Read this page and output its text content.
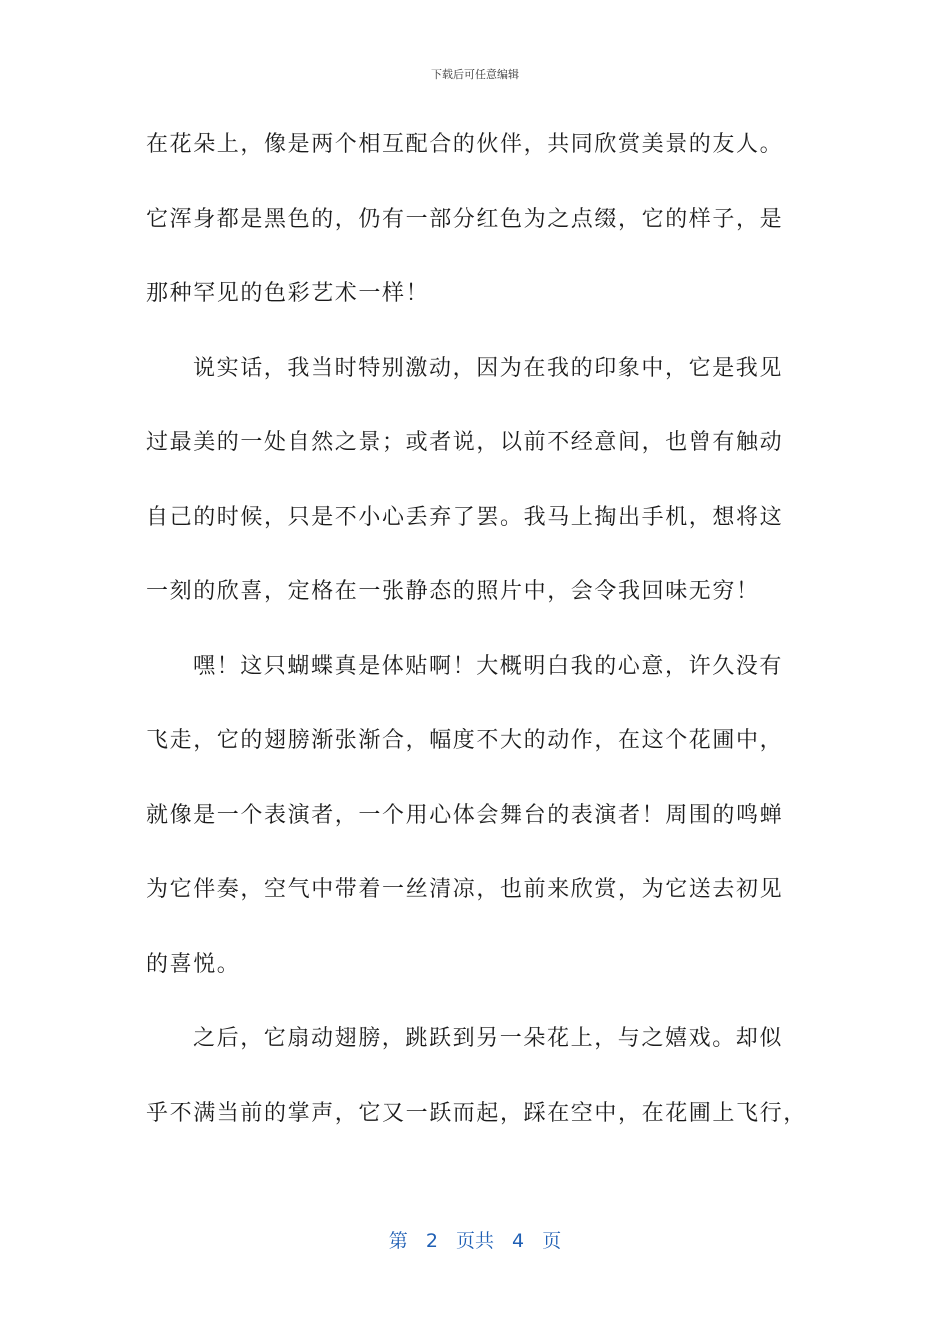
下载后可任意编辑
在花朵上，像是两个相互配合的伙伴，共同欣赏美景的友人。
它浑身都是黑色的，仍有一部分红色为之点缀，它的样子，是
那种罕见的色彩艺术一样！
说实话，我当时特别激动，因为在我的印象中，它是我见
过最美的一处自然之景；或者说，以前不经意间，也曾有触动
自己的时候，只是不小心丢弃了罢。我马上掏出手机，想将这
一刻的欣喜，定格在一张静态的照片中，会令我回味无穷！
嘿！这只蝴蝶真是体贴啊！大概明白我的心意，许久没有
飞走，它的翅膀渐张渐合，幅度不大的动作，在这个花圃中，
就像是一个表演者，一个用心体会舞台的表演者！周围的鸣蝉
为它伴奏，空气中带着一丝清凉，也前来欣赏，为它送去初见
的喜悦。
之后，它扇动翅膀，跳跃到另一朵花上，与之嬉戏。却似
乎不满当前的掌声，它又一跃而起，踩在空中，在花圃上飞行，
第 2 页共 4 页
